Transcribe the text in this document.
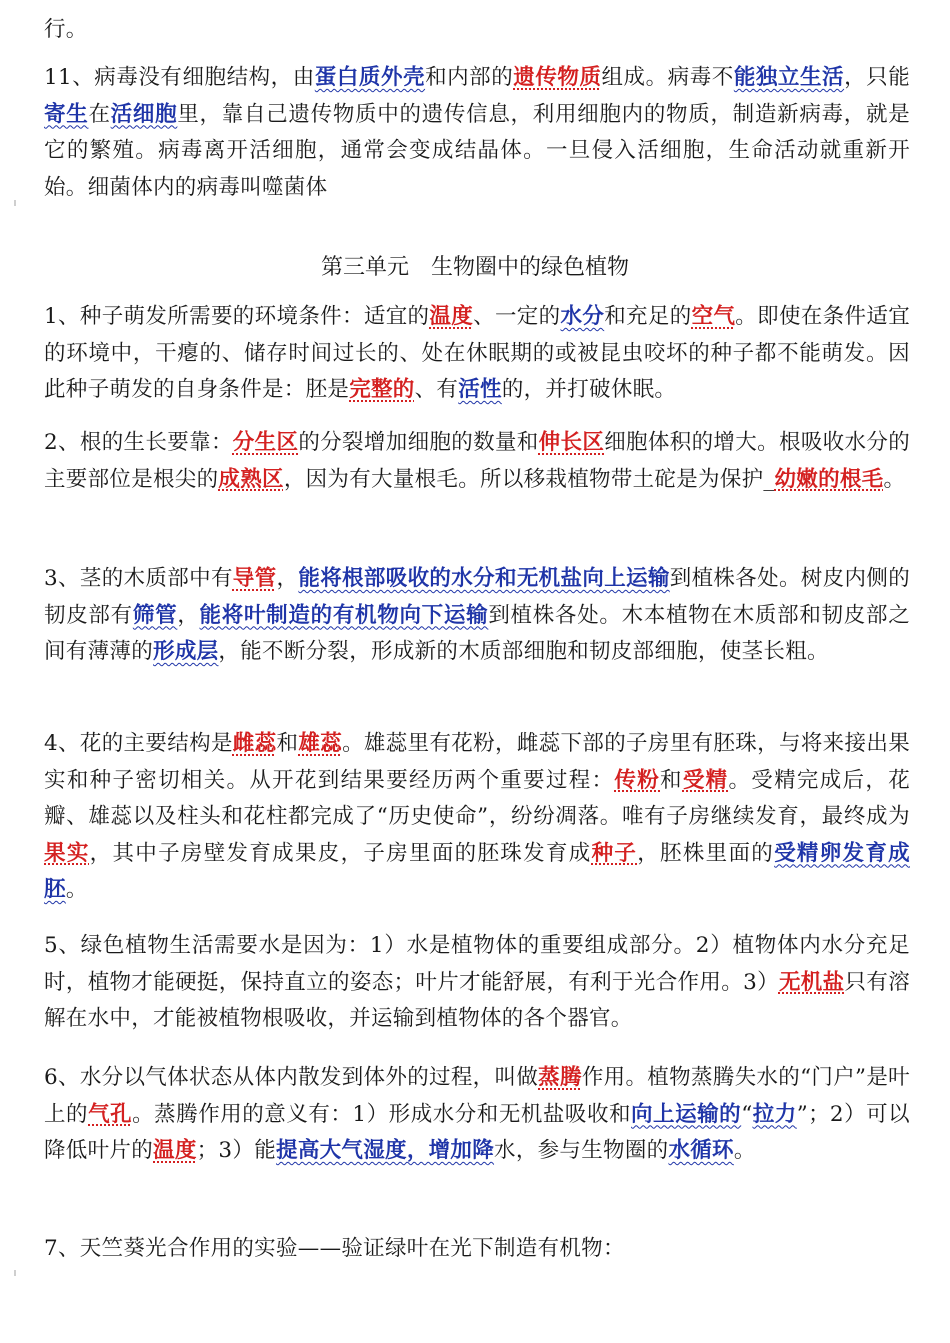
行。
11、病毒没有细胞结构，由蛋白质外壳和内部的遗传物质组成。病毒不能独立生活，只能寄生在活细胞里，靠自己遗传物质中的遗传信息，利用细胞内的物质，制造新病毒，就是它的繁殖。病毒离开活细胞，通常会变成结晶体。一旦侵入活细胞，生命活动就重新开始。细菌体内的病毒叫噬菌体
第三单元 生物圈中的绿色植物
1、种子萌发所需要的环境条件：适宜的温度、一定的水分和充足的空气。即使在条件适宜的环境中，干瘪的、储存时间过长的、处在休眠期的或被昆虫咬坏的种子都不能萌发。因此种子萌发的自身条件是：胚是完整的、有活性的，并打破休眠。
2、根的生长要靠：分生区的分裂增加细胞的数量和伸长区细胞体积的增大。根吸收水分的主要部位是根尖的成熟区，因为有大量根毛。所以移栽植物带土砣是为保护_幼嫩的根毛。
3、茎的木质部中有导管，能将根部吸收的水分和无机盐向上运输到植株各处。树皮内侧的韧皮部有筛管，能将叶制造的有机物向下运输到植株各处。木本植物在木质部和韧皮部之间有薄薄的形成层，能不断分裂，形成新的木质部细胞和韧皮部细胞，使茎长粗。
4、花的主要结构是雌蕊和雄蕊。雄蕊里有花粉，雌蕊下部的子房里有胚珠，与将来接出果实和种子密切相关。从开花到结果要经历两个重要过程：传粉和受精。受精完成后，花瓣、雄蕊以及柱头和花柱都完成了“历史使命”，纷纷凋落。唯有子房继续发育，最终成为果实，其中子房壁发育成果皮，子房里面的胚珠发育成种子，胚株里面的受精卵发育成胚。
5、绿色植物生活需要水是因为：1）水是植物体的重要组成部分。2）植物体内水分充足时，植物才能硬挺，保持直立的姿态；叶片才能舒展，有利于光合作用。3）无机盐只有溶解在水中，才能被植物根吸收，并运输到植物体的各个器官。
6、水分以气体状态从体内散发到体外的过程，叫做蒸腾作用。植物蒸腾失水的“门户”是叶上的气孔。蒸腾作用的意义有：1）形成水分和无机盐吸收和向上运输的“拉力”；2）可以降低叶片的温度；3）能提高大气湿度，增加降水，参与生物圈的水循环。
7、天竺葵光合作用的实验——验证绿叶在光下制造有机物：
